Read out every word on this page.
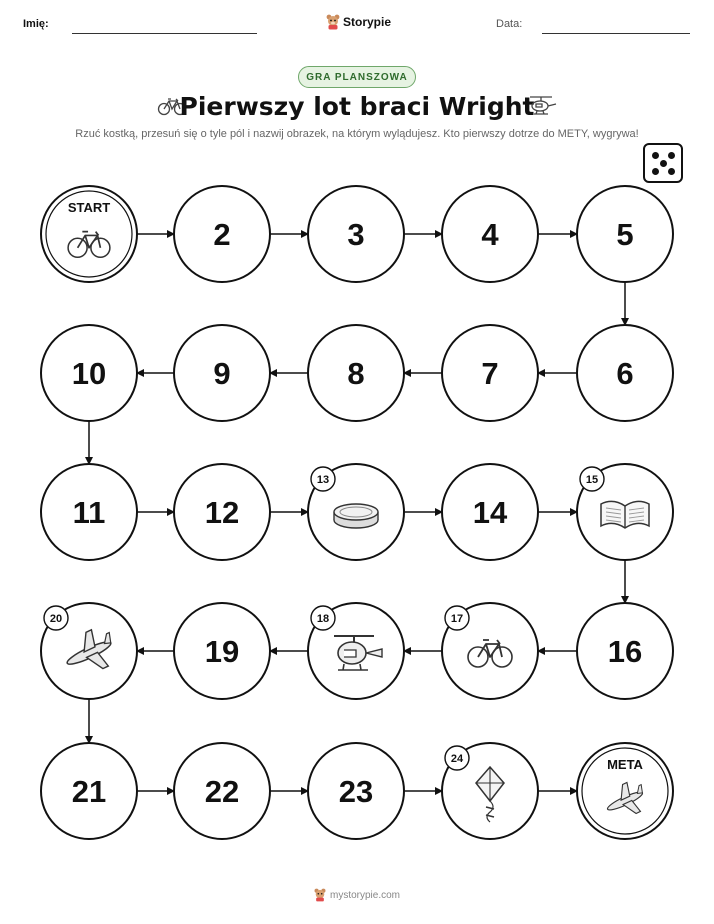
Imię:	Storypie	Data:
GRA PLANSZOWA
Pierwszy lot braci Wright
Rzuć kostką, przesuń się o tyle pól i nazwij obrazek, na którym wylądujesz. Kto pierwszy dotrze do METY, wygrywa!
START
2	3	4	5
6
7
8
9
10
11	12
13
14
15
16
17
18
19
20
21	22	23
24	META
mystorypie.com
